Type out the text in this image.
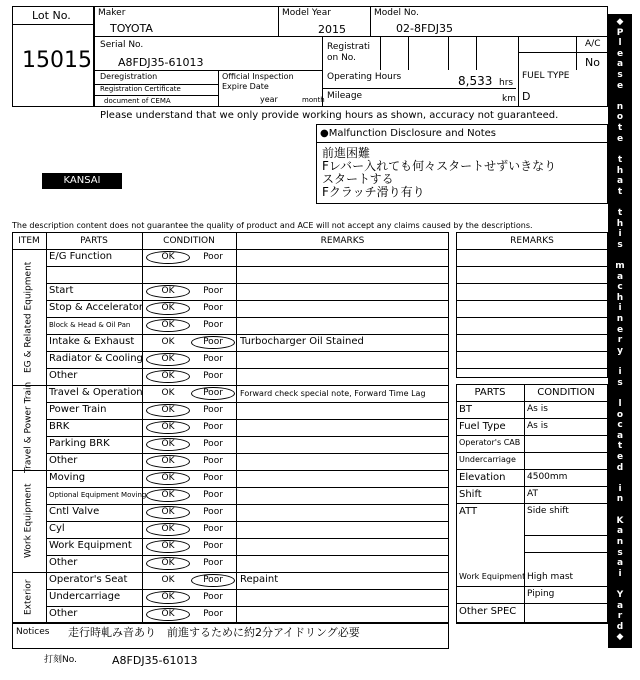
Lot No.
15015
Maker
TOYOTA
Model Year
2015
Model No.
02-8FDJ35
Serial No.
A8FDJ35-61013
Registrati
on No.
A/C
No
Deregistration
Registration Certificate
document of CEMA
Official Inspection
Expire Date
year	month
Operating Hours	8,533 hrs
Mileage	km
FUEL TYPE
D
Please understand that we only provide working hours as shown, accuracy not guaranteed.
●Malfunction Disclosure and Notes
前進困難
Fレバー入れても何々スタートせずいきなり
スタートする
Fクラッチ滑り有り
KANSAI
The description content does not guarantee the quality of product and ACE will not accept any claims caused by the descriptions.
ITEM	PARTS	CONDITION	REMARKS
E/G Function	OK	Poor
Start	OK	Poor
Stop & Accelerator	OK	Poor
Block & Head & Oil Pan	OK	Poor
Intake & Exhaust	OK	Poor	Turbocharger Oil Stained
Radiator & Cooling	OK	Poor
Other	OK	Poor
EG & Related Equipment
Travel & Operation	OK	Poor	Forward check special note, Forward Time Lag
Power Train	OK	Poor
BRK	OK	Poor
Parking BRK	OK	Poor
Other	OK	Poor
Travel & Power Train
Moving	OK	Poor
Optional Equipment Moving	OK	Poor
Cntl Valve	OK	Poor
Cyl	OK	Poor
Work Equipment	OK	Poor
Other	OK	Poor
Work Equipment
Operator's Seat	OK	Poor	Repaint
Undercarriage	OK	Poor
Other	OK	Poor
Exterior
REMARKS
PARTS	CONDITION
BT	As is
Fuel Type As is
Operator's CAB
Undercarriage
Elevation 4500mm
Shift	AT
ATT	Side shift
Work Equipment High mast
Piping
Other SPEC
Notices 走行時軋み音あり　前進するために約2分アイドリング必要
打刻No.	A8FDJ35-61013
◆
P
l
e
a
s
e
n
o
t
e
t
h
a
t
t
h
i
s
m
a
c
h
i
n
e
r
y
i
s
l
o
c
a
t
e
d
i
n
K
a
n
s
a
i
Y
a
r
d
◆
